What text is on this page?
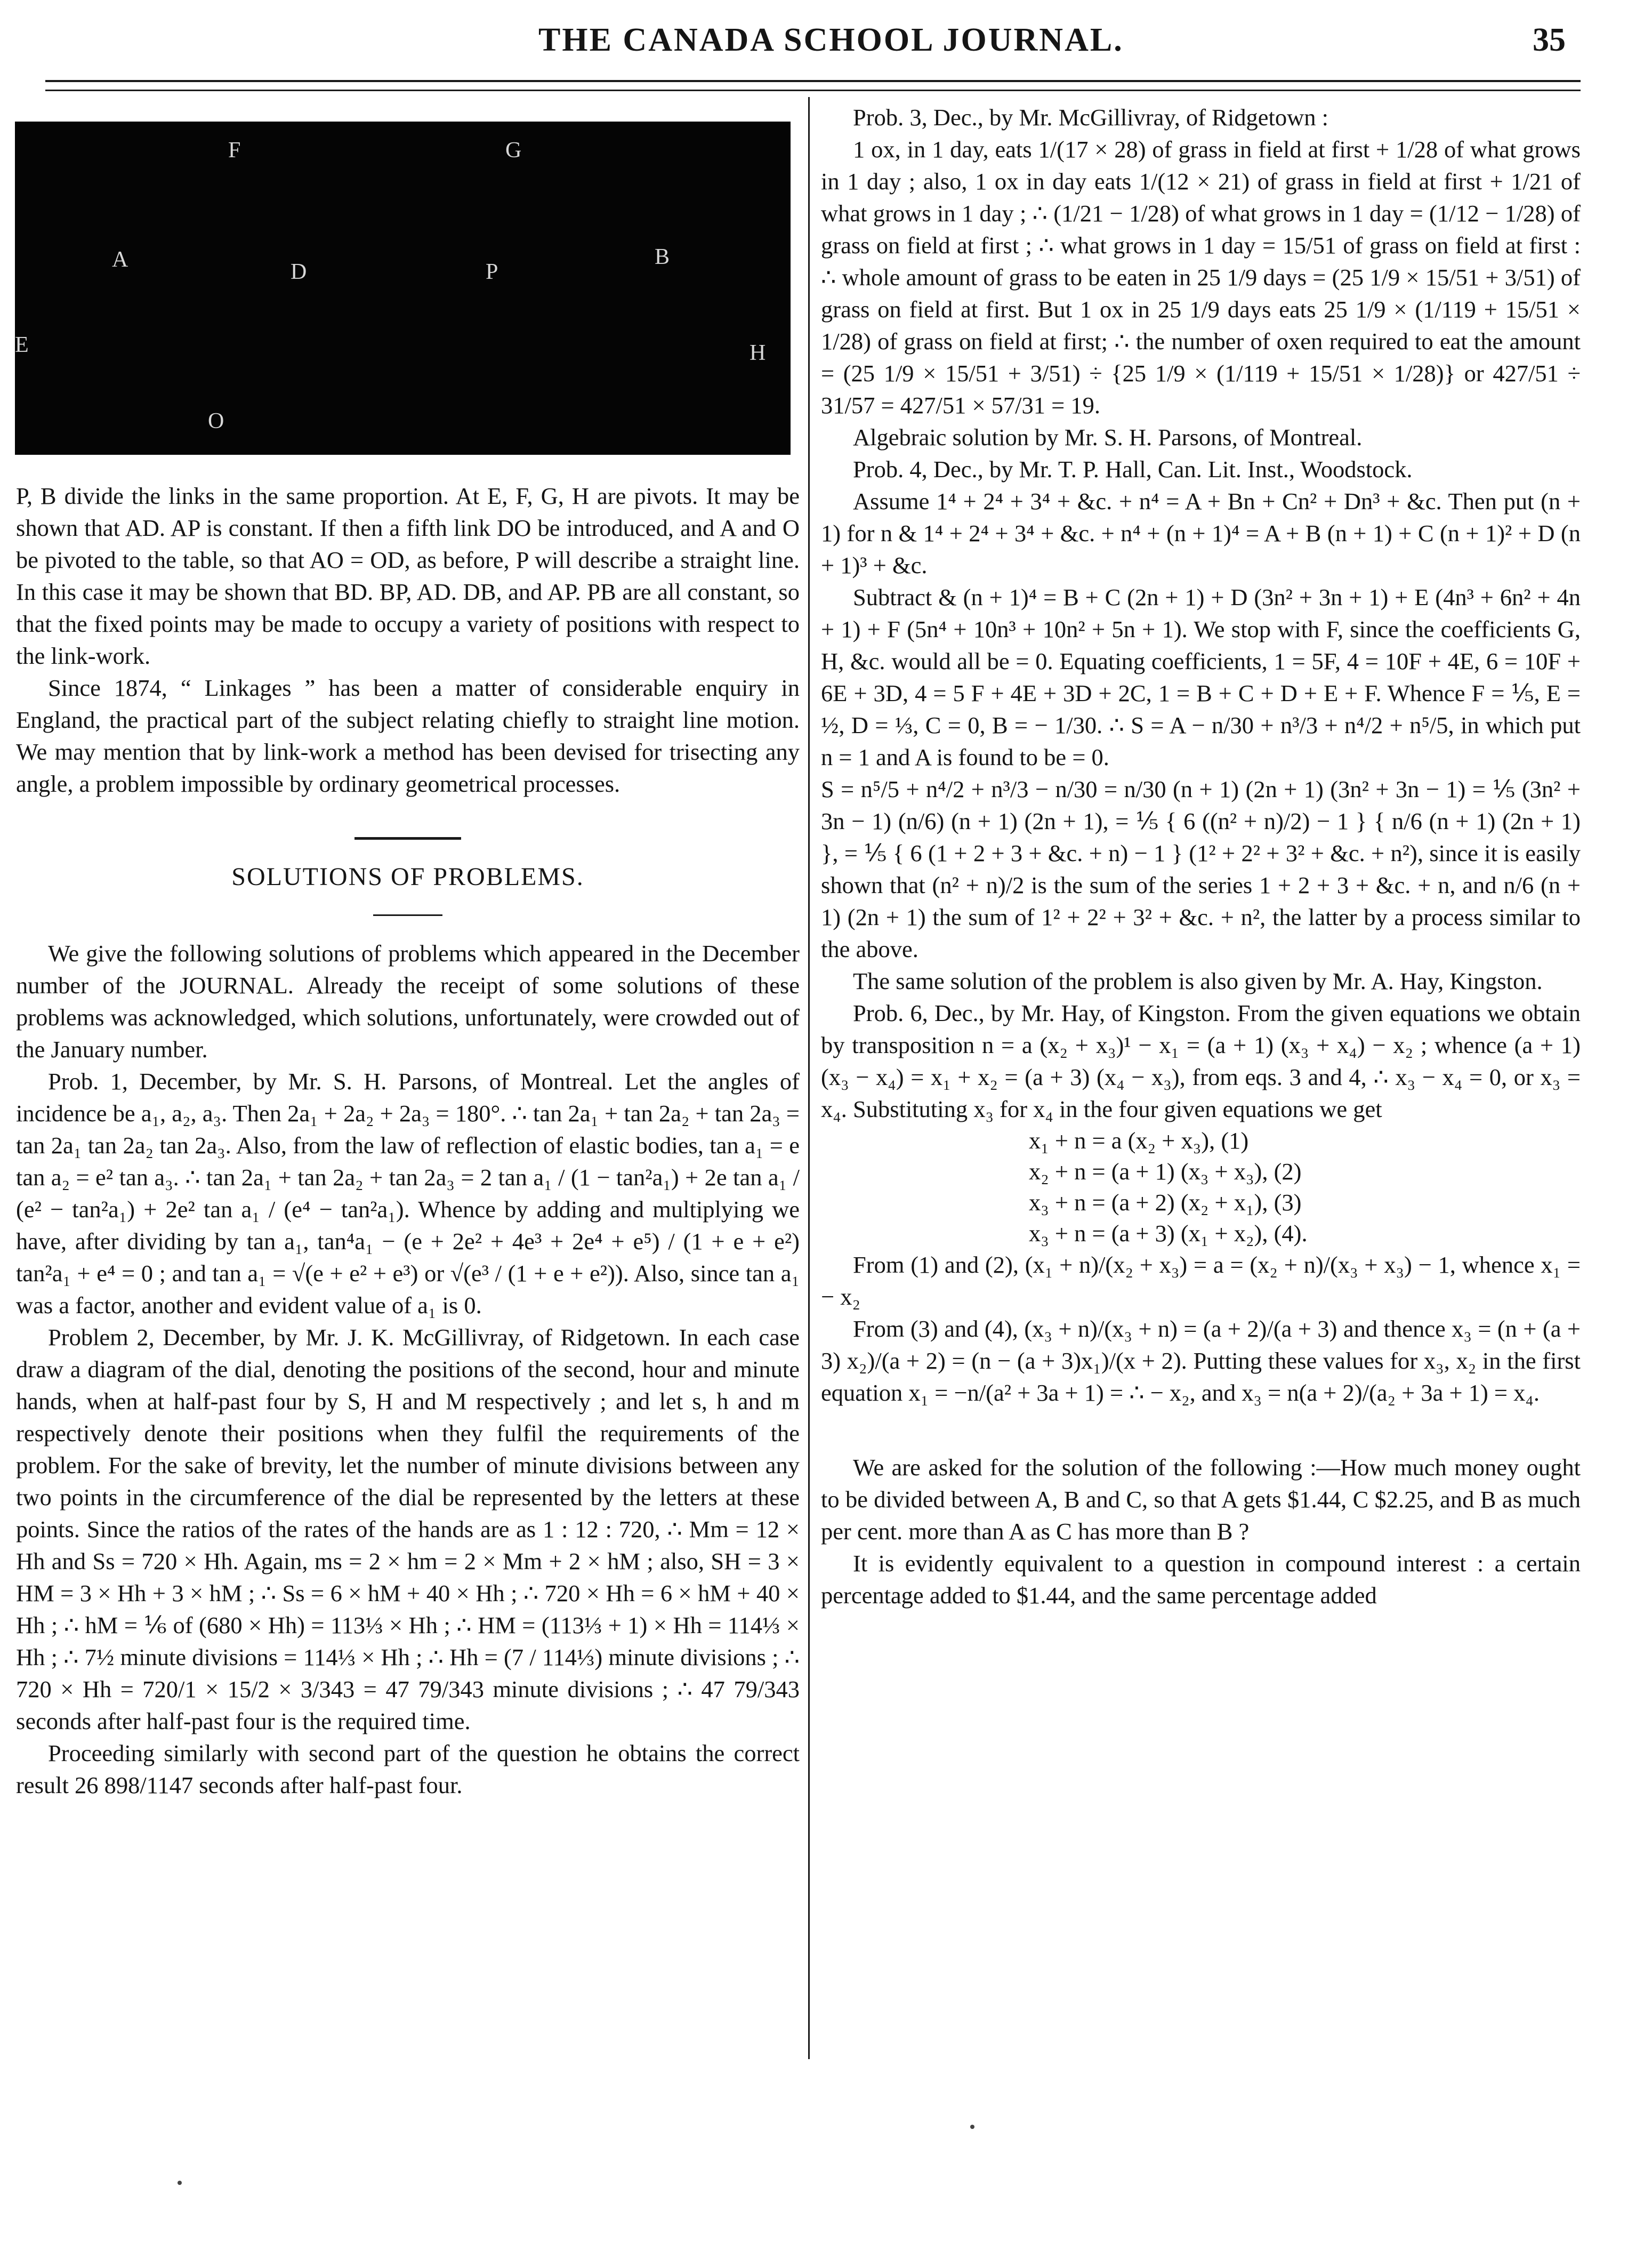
THE CANADA SCHOOL JOURNAL.	35
F	G
A	D	P
B
E	H
O

P, B divide the links in the same proportion. At E, F, G, H are pivots. It may be shown that AD. AP is constant. If then a fifth link DO be introduced, and A and O be pivoted to the table, so that AO = OD, as before, P will describe a straight line. In this case it may be shown that BD. BP, AD. DB, and AP. PB are all constant, so that the fixed points may be made to occupy a variety of positions with respect to the link-work.

Since 1874, “ Linkages ” has been a matter of considerable enquiry in England, the practical part of the subject relating chiefly to straight line motion. We may mention that by link-work a method has been devised for trisecting any angle, a problem impossible by ordinary geometrical processes.

SOLUTIONS OF PROBLEMS.

We give the following solutions of problems which appeared in the December number of the JOURNAL. Already the receipt of some solutions of these problems was acknowledged, which solutions, unfortunately, were crowded out of the January number.

Prob. 1, December, by Mr. S. H. Parsons, of Montreal. Let the angles of incidence be a₁, a₂, a₃. Then 2a₁ + 2a₂ + 2a₃ = 180°. ∴ tan 2a₁ + tan 2a₂ + tan 2a₃ = tan 2a₁ tan 2a₂ tan 2a₃. Also, from the law of reflection of elastic bodies, tan a₁ = e tan a₂ = e² tan a₃. ∴ tan 2a₁ + tan 2a₂ + tan 2a₃ = 2 tan a₁ / (1 − tan²a₁) + 2e tan a₁ / (e² − tan²a₁) + 2e² tan a₁ / (e⁴ − tan²a₁). Whence by adding and multiplying we have, after dividing by tan a₁, tan⁴a₁ − (e + 2e² + 4e³ + 2e⁴ + e⁵) / (1 + e + e²) tan²a₁ + e⁴ = 0 ; and tan a₁ = √(e + e² + e³) or √(e³ / (1 + e + e²)). Also, since tan a₁ was a factor, another and evident value of a₁ is 0.

Problem 2, December, by Mr. J. K. McGillivray, of Ridgetown. In each case draw a diagram of the dial, denoting the positions of the second, hour and minute hands, when at half-past four by S, H and M respectively ; and let s, h and m respectively denote their positions when they fulfil the requirements of the problem. For the sake of brevity, let the number of minute divisions between any two points in the circumference of the dial be represented by the letters at these points. Since the ratios of the rates of the hands are as 1 : 12 : 720, ∴ Mm = 12 × Hh and Ss = 720 × Hh. Again, ms = 2 × hm = 2 × Mm + 2 × hM ; also, SH = 3 × HM = 3 × Hh + 3 × hM ; ∴ Ss = 6 × hM + 40 × Hh ; ∴ 720 × Hh = 6 × hM + 40 × Hh ; ∴ hM = ⅙ of (680 × Hh) = 113⅓ × Hh ; ∴ HM = (113⅓ + 1) × Hh = 114⅓ × Hh ; ∴ 7½ minute divisions = 114⅓ × Hh ; ∴ Hh = (7 / 114⅓) minute divisions ; ∴ 720 × Hh = 720/1 × 15/2 × 3/343 = 47 79/343 minute divisions ; ∴ 47 79/343 seconds after half-past four is the required time.

Proceeding similarly with second part of the question he obtains the correct result 26 898/1147 seconds after half-past four.

Prob. 3, Dec., by Mr. McGillivray, of Ridgetown :

1 ox, in 1 day, eats 1/(17 × 28) of grass in field at first + 1/28 of what grows in 1 day ; also, 1 ox in day eats 1/(12 × 21) of grass in field at first + 1/21 of what grows in 1 day ; ∴ (1/21 − 1/28) of what grows in 1 day = (1/12 − 1/28) of grass on field at first ; ∴ what grows in 1 day = 15/51 of grass on field at first : ∴ whole amount of grass to be eaten in 25 1/9 days = (25 1/9 × 15/51 + 3/51) of grass on field at first. But 1 ox in 25 1/9 days eats 25 1/9 × (1/119 + 15/51 × 1/28) of grass on field at first; ∴ the number of oxen required to eat the amount = (25 1/9 × 15/51 + 3/51) ÷ {25 1/9 × (1/119 + 15/51 × 1/28)} or 427/51 ÷ 31/57 = 427/51 × 57/31 = 19.

Algebraic solution by Mr. S. H. Parsons, of Montreal.

Prob. 4, Dec., by Mr. T. P. Hall, Can. Lit. Inst., Woodstock.

Assume 1⁴ + 2⁴ + 3⁴ + &c. + n⁴ = A + Bn + Cn² + Dn³ + &c. Then put (n + 1) for n & 1⁴ + 2⁴ + 3⁴ + &c. + n⁴ + (n + 1)⁴ = A + B (n + 1) + C (n + 1)² + D (n + 1)³ + &c.

Subtract & (n + 1)⁴ = B + C (2n + 1) + D (3n² + 3n + 1) + E (4n³ + 6n² + 4n + 1) + F (5n⁴ + 10n³ + 10n² + 5n + 1). We stop with F, since the coefficients G, H, &c. would all be = 0. Equating coefficients, 1 = 5F, 4 = 10F + 4E, 6 = 10F + 6E + 3D, 4 = 5 F + 4E + 3D + 2C, 1 = B + C + D + E + F. Whence F = ⅕, E = ½, D = ⅓, C = 0, B = − 1/30. ∴ S = A − n/30 + n³/3 + n⁴/2 + n⁵/5, in which put n = 1 and A is found to be = 0.

S = n⁵/5 + n⁴/2 + n³/3 − n/30 = n/30 (n + 1) (2n + 1) (3n² + 3n − 1) = ⅕ (3n² + 3n − 1) (n/6) (n + 1) (2n + 1), = ⅕ { 6 ((n² + n)/2) − 1 } { n/6 (n + 1) (2n + 1) }, = ⅕ { 6 (1 + 2 + 3 + &c. + n) − 1 } (1² + 2² + 3² + &c. + n²), since it is easily shown that (n² + n)/2 is the sum of the series 1 + 2 + 3 + &c. + n, and n/6 (n + 1) (2n + 1) the sum of 1² + 2² + 3² + &c. + n², the latter by a process similar to the above.

The same solution of the problem is also given by Mr. A. Hay, Kingston.

Prob. 6, Dec., by Mr. Hay, of Kingston. From the given equations we obtain by transposition n = a (x₂ + x₃)¹ − x₁ = (a + 1) (x₃ + x₄) − x₂ ; whence (a + 1) (x₃ − x₄) = x₁ + x₂ = (a + 3) (x₄ − x₃), from eqs. 3 and 4, ∴ x₃ − x₄ = 0, or x₃ = x₄. Substituting x₃ for x₄ in the four given equations we get

x₁ + n = a (x₂ + x₃), (1)
x₂ + n = (a + 1) (x₃ + x₃), (2)
x₃ + n = (a + 2) (x₂ + x₁), (3)
x₃ + n = (a + 3) (x₁ + x₂), (4).

From (1) and (2), (x₁ + n)/(x₂ + x₃) = a = (x₂ + n)/(x₃ + x₃) − 1, whence x₁ = − x₂

From (3) and (4), (x₃ + n)/(x₃ + n) = (a + 2)/(a + 3) and thence x₃ = (n + (a + 3) x₂)/(a + 2) = (n − (a + 3)x₁)/(x + 2). Putting these values for x₃, x₂ in the first equation x₁ = −n/(a² + 3a + 1) = ∴ − x₂, and x₃ = n(a + 2)/(a₂ + 3a + 1) = x₄.

We are asked for the solution of the following :—How much money ought to be divided between A, B and C, so that A gets $1.44, C $2.25, and B as much per cent. more than A as C has more than B ?

It is evidently equivalent to a question in compound interest : a certain percentage added to $1.44, and the same percentage added
